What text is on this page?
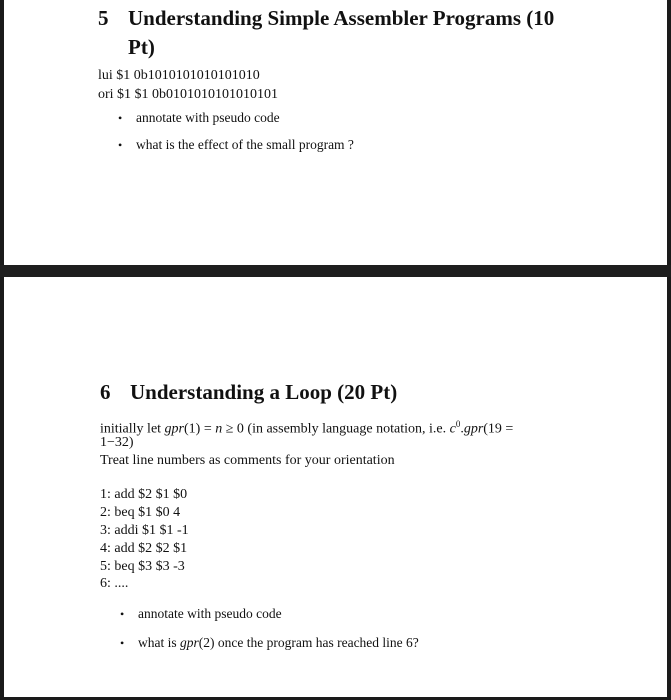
5 Understanding Simple Assembler Programs (10 Pt)
lui $1 0b1010101010101010
ori $1 $1 0b0101010101010101
• annotate with pseudo code
• what is the effect of the small program ?
6 Understanding a Loop (20 Pt)
initially let gpr(1) = n ≥ 0 (in assembly language notation, i.e. $c^0.gpr(19$ =
1−32)
Treat line numbers as comments for your orientation
1: add $2 $1 $0
2: beq $1 $0 4
3: addi $1 $1 -1
4: add $2 $2 $1
5: beq $3 $3 -3
6: ....
• annotate with pseudo code
• what is gpr(2) once the program has reached line 6?
